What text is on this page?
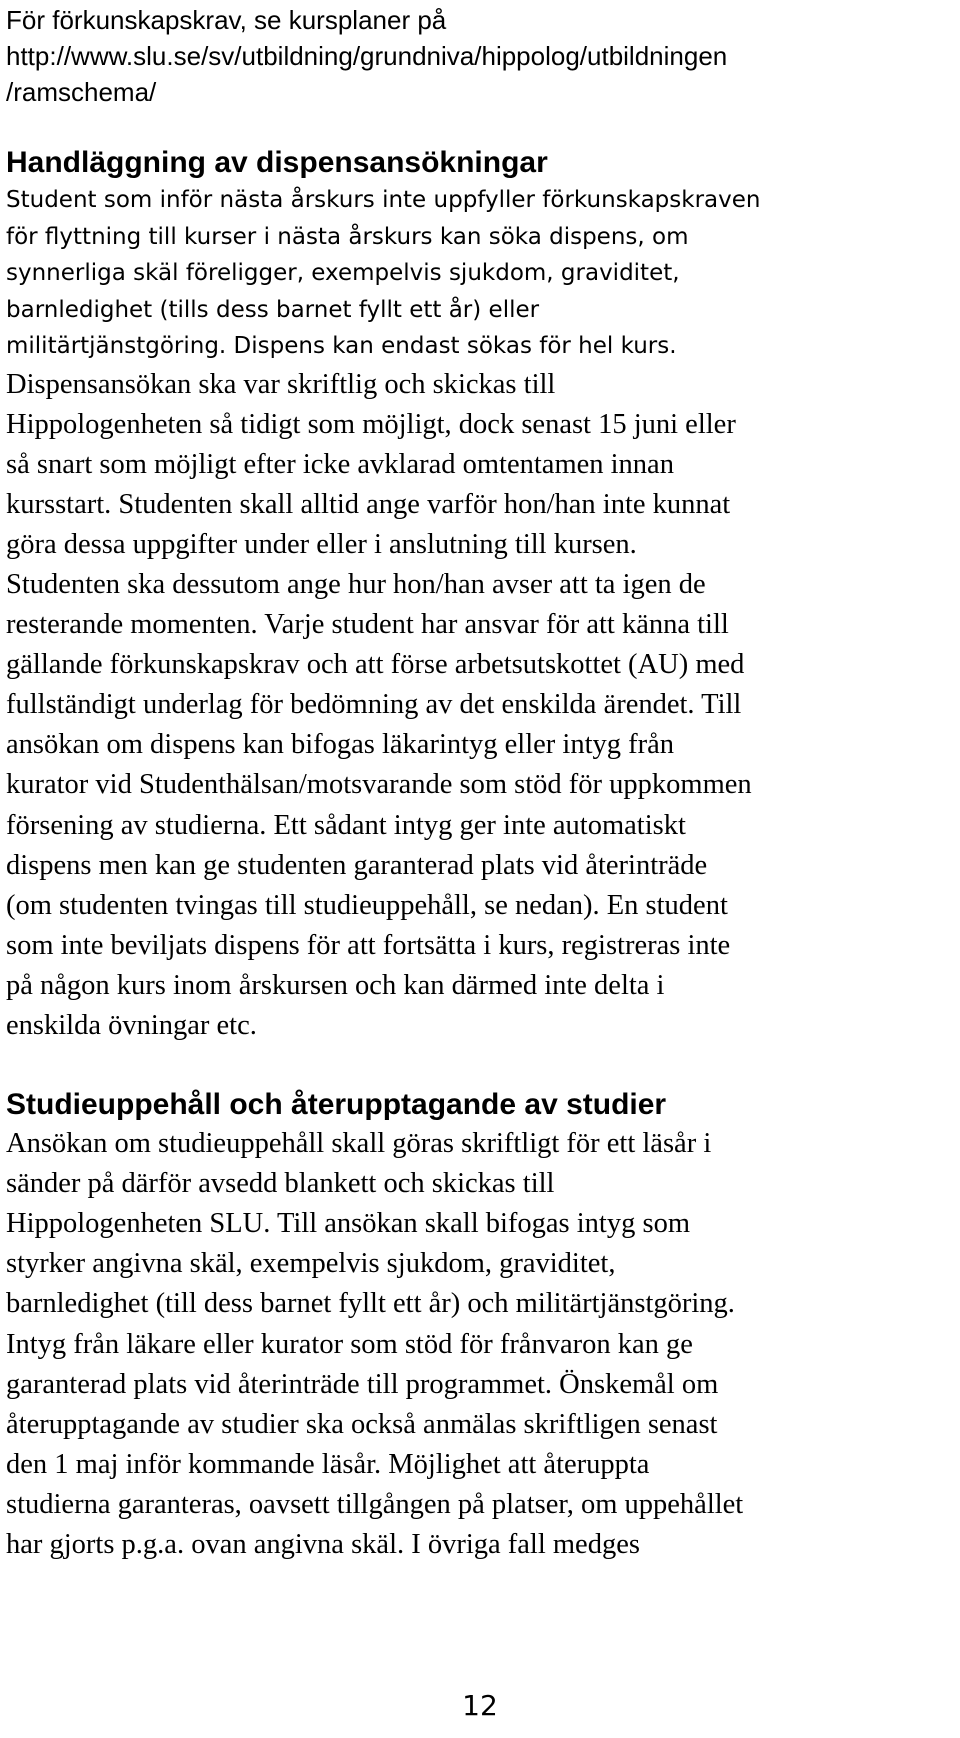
För förkunskapskrav, se kursplaner på

http://www.slu.se/sv/utbildning/grundniva/hippolog/utbildningen

/ramschema/

Handläggning av dispensansökningar

Student som inför nästa årskurs inte uppfyller förkunskapskraven

för flyttning till kurser i nästa årskurs kan söka dispens, om

synnerliga skäl föreligger, exempelvis sjukdom, graviditet,

barnledighet (tills dess barnet fyllt ett år) eller

militärtjänstgöring. Dispens kan endast sökas för hel kurs.

Dispensansökan ska var skriftlig och skickas till

Hippologenheten så tidigt som möjligt, dock senast 15 juni eller

så snart som möjligt efter icke avklarad omtentamen innan

kursstart. Studenten skall alltid ange varför hon/han inte kunnat

göra dessa uppgifter under eller i anslutning till kursen.

Studenten ska dessutom ange hur hon/han avser att ta igen de

resterande momenten. Varje student har ansvar för att känna till

gällande förkunskapskrav och att förse arbetsutskottet (AU) med

fullständigt underlag för bedömning av det enskilda ärendet. Till

ansökan om dispens kan bifogas läkarintyg eller intyg från

kurator vid Studenthälsan/motsvarande som stöd för uppkommen

försening av studierna. Ett sådant intyg ger inte automatiskt

dispens men kan ge studenten garanterad plats vid återinträde

(om studenten tvingas till studieuppehåll, se nedan). En student

som inte beviljats dispens för att fortsätta i kurs, registreras inte

på någon kurs inom årskursen och kan därmed inte delta i

enskilda övningar etc.

Studieuppehåll och återupptagande av studier

Ansökan om studieuppehåll skall göras skriftligt för ett läsår i

sänder på därför avsedd blankett och skickas till

Hippologenheten SLU. Till ansökan skall bifogas intyg som

styrker angivna skäl, exempelvis sjukdom, graviditet,

barnledighet (till dess barnet fyllt ett år) och militärtjänstgöring.

Intyg från läkare eller kurator som stöd för frånvaron kan ge

garanterad plats vid återinträde till programmet. Önskemål om

återupptagande av studier ska också anmälas skriftligen senast

den 1 maj inför kommande läsår. Möjlighet att återuppta

studierna garanteras, oavsett tillgången på platser, om uppehållet

har gjorts p.g.a. ovan angivna skäl. I övriga fall medges

12
